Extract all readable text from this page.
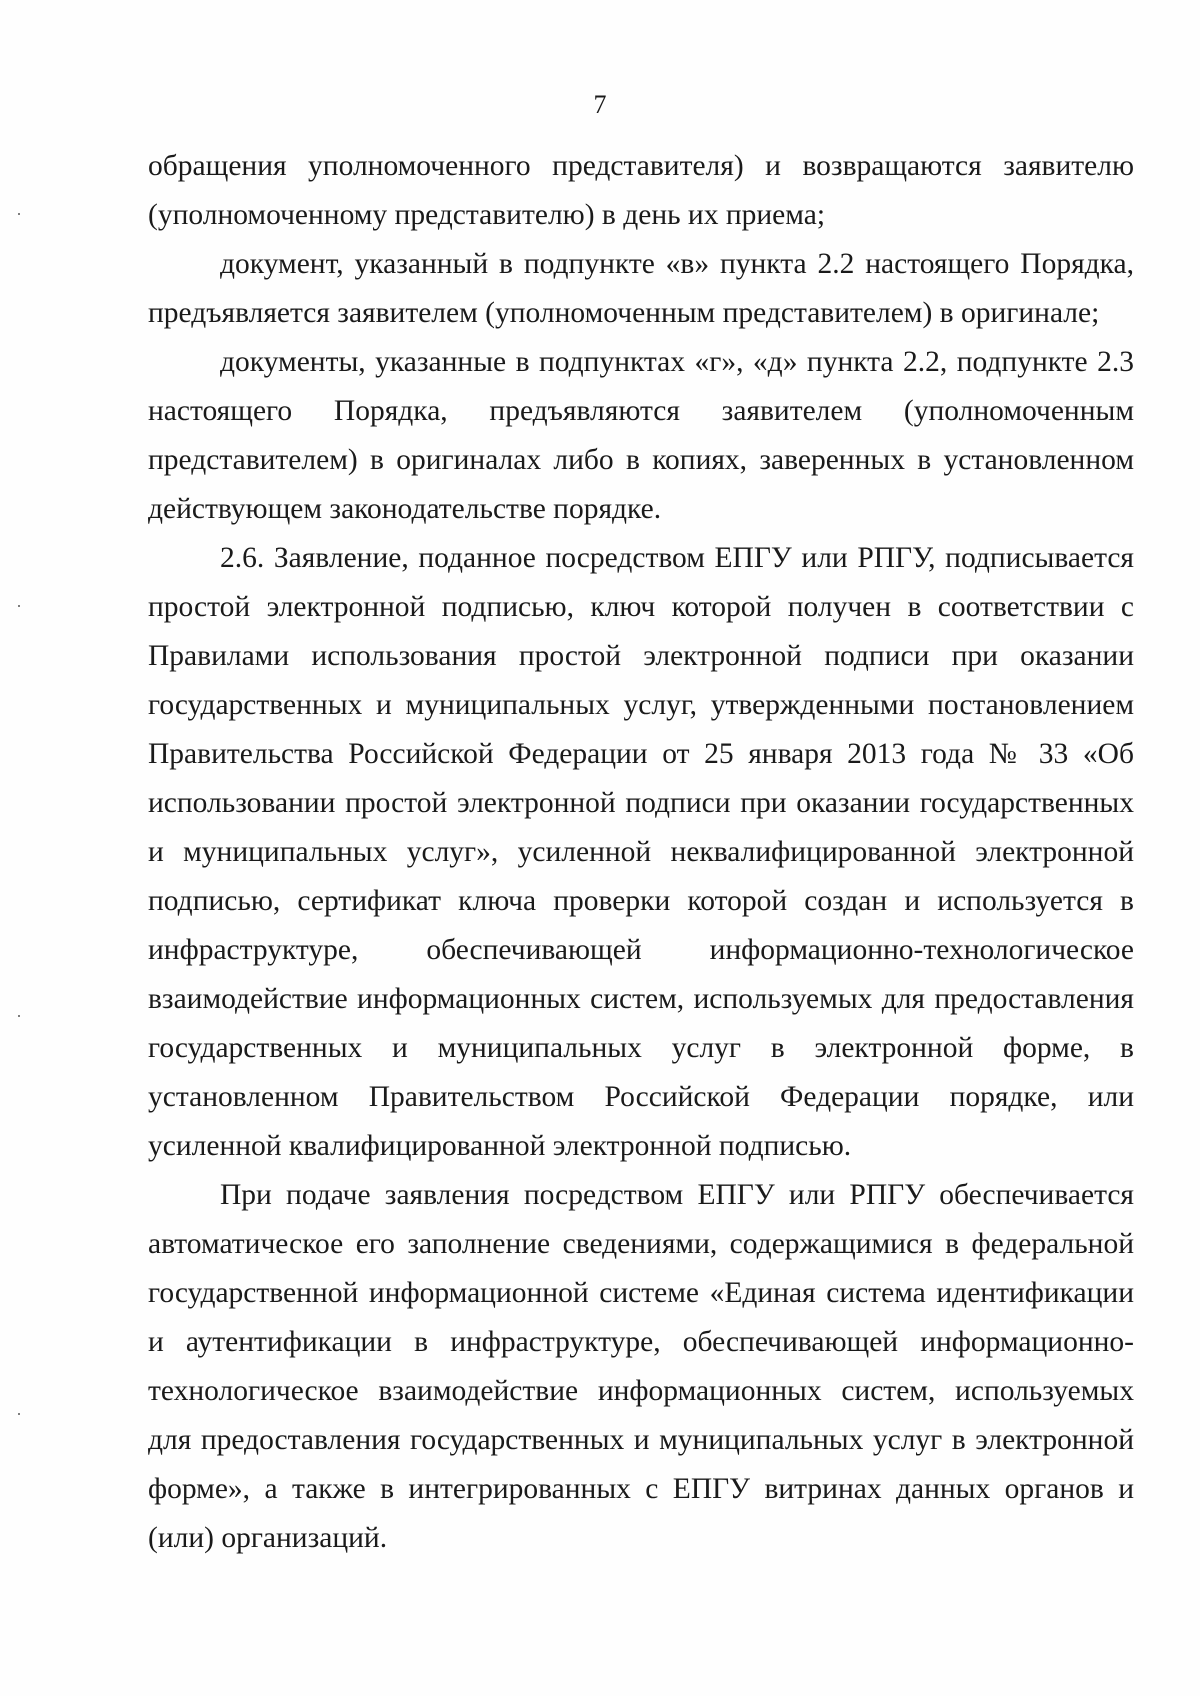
7

обращения уполномоченного представителя) и возвращаются заявителю (уполномоченному представителю) в день их приема;

документ, указанный в подпункте «в» пункта 2.2 настоящего Порядка, предъявляется заявителем (уполномоченным представителем) в оригинале;

документы, указанные в подпунктах «г», «д» пункта 2.2, подпункте 2.3 настоящего Порядка, предъявляются заявителем (уполномоченным представителем) в оригиналах либо в копиях, заверенных в установленном действующем законодательстве порядке.

2.6. Заявление, поданное посредством ЕПГУ или РПГУ, подписывается простой электронной подписью, ключ которой получен в соответствии с Правилами использования простой электронной подписи при оказании государственных и муниципальных услуг, утвержденными постановлением Правительства Российской Федерации от 25 января 2013 года № 33 «Об использовании простой электронной подписи при оказании государственных и муниципальных услуг», усиленной неквалифицированной электронной подписью, сертификат ключа проверки которой создан и используется в инфраструктуре, обеспечивающей информационно-технологическое взаимодействие информационных систем, используемых для предоставления государственных и муниципальных услуг в электронной форме, в установленном Правительством Российской Федерации порядке, или усиленной квалифицированной электронной подписью.

При подаче заявления посредством ЕПГУ или РПГУ обеспечивается автоматическое его заполнение сведениями, содержащимися в федеральной государственной информационной системе «Единая система идентификации и аутентификации в инфраструктуре, обеспечивающей информационно-технологическое взаимодействие информационных систем, используемых для предоставления государственных и муниципальных услуг в электронной форме», а также в интегрированных с ЕПГУ витринах данных органов и (или) организаций.
